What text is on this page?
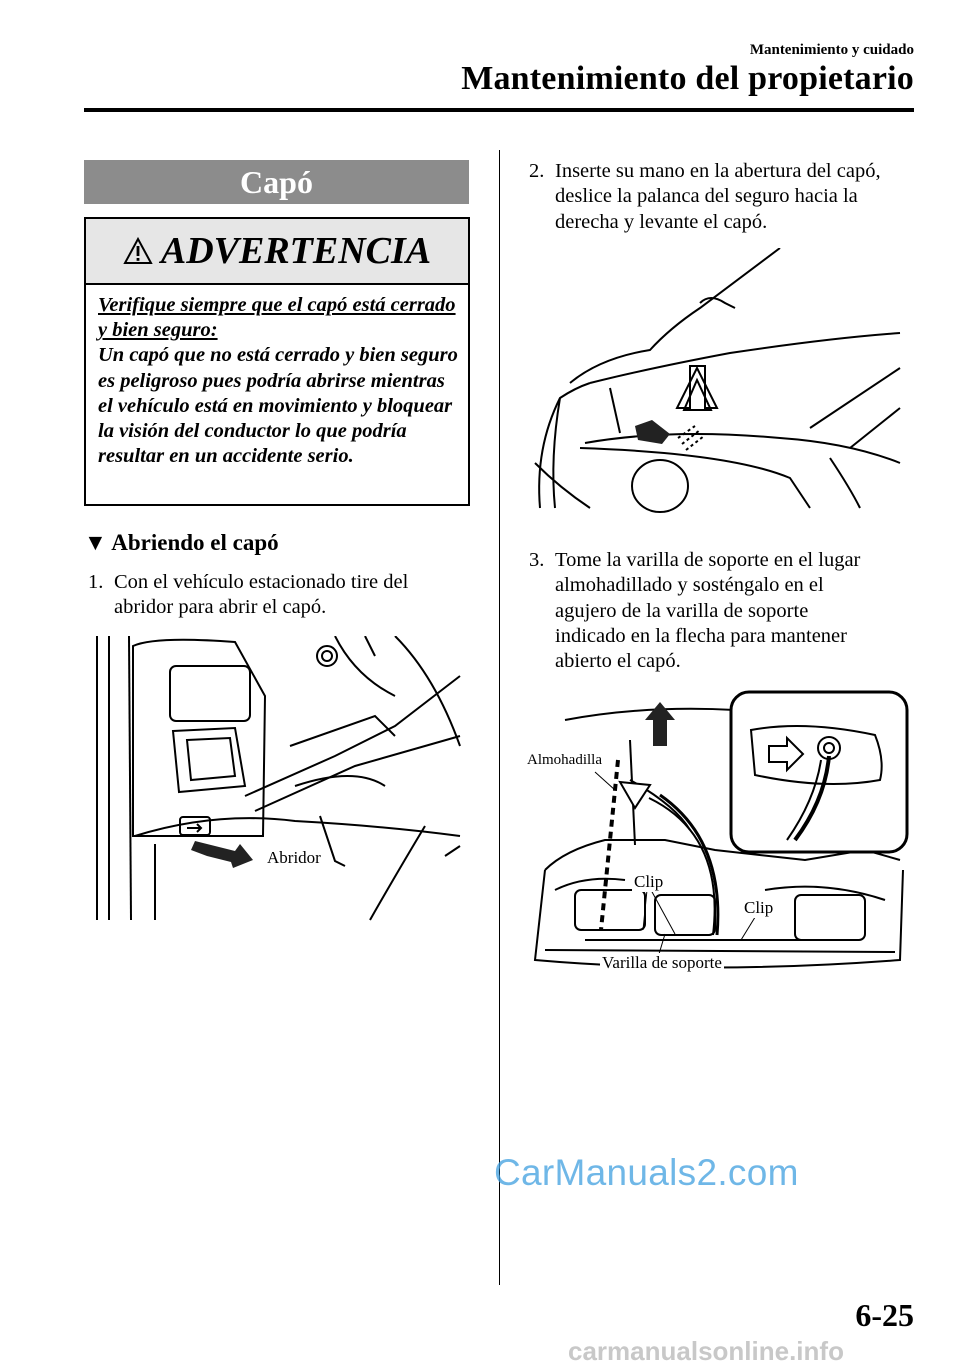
Mantenimiento y cuidado
Mantenimiento del propietario
Capó
ADVERTENCIA
Verifique siempre que el capó está cerrado y bien seguro:
Un capó que no está cerrado y bien seguro es peligroso pues podría abrirse mientras el vehículo está en movimiento y bloquear la visión del conductor lo que podría resultar en un accidente serio.
▼ Abriendo el capó
1. Con el vehículo estacionado tire del
abridor para abrir el capó.
Abridor
2. Inserte su mano en la abertura del capó,
deslice la palanca del seguro hacia la
derecha y levante el capó.
3. Tome la varilla de soporte en el lugar
almohadillado y sosténgalo en el
agujero de la varilla de soporte
indicado en la flecha para mantener
abierto el capó.
Almohadilla
Clip
Clip
Varilla de soporte
CarManuals2.com
6-25
carmanualsonline.info
